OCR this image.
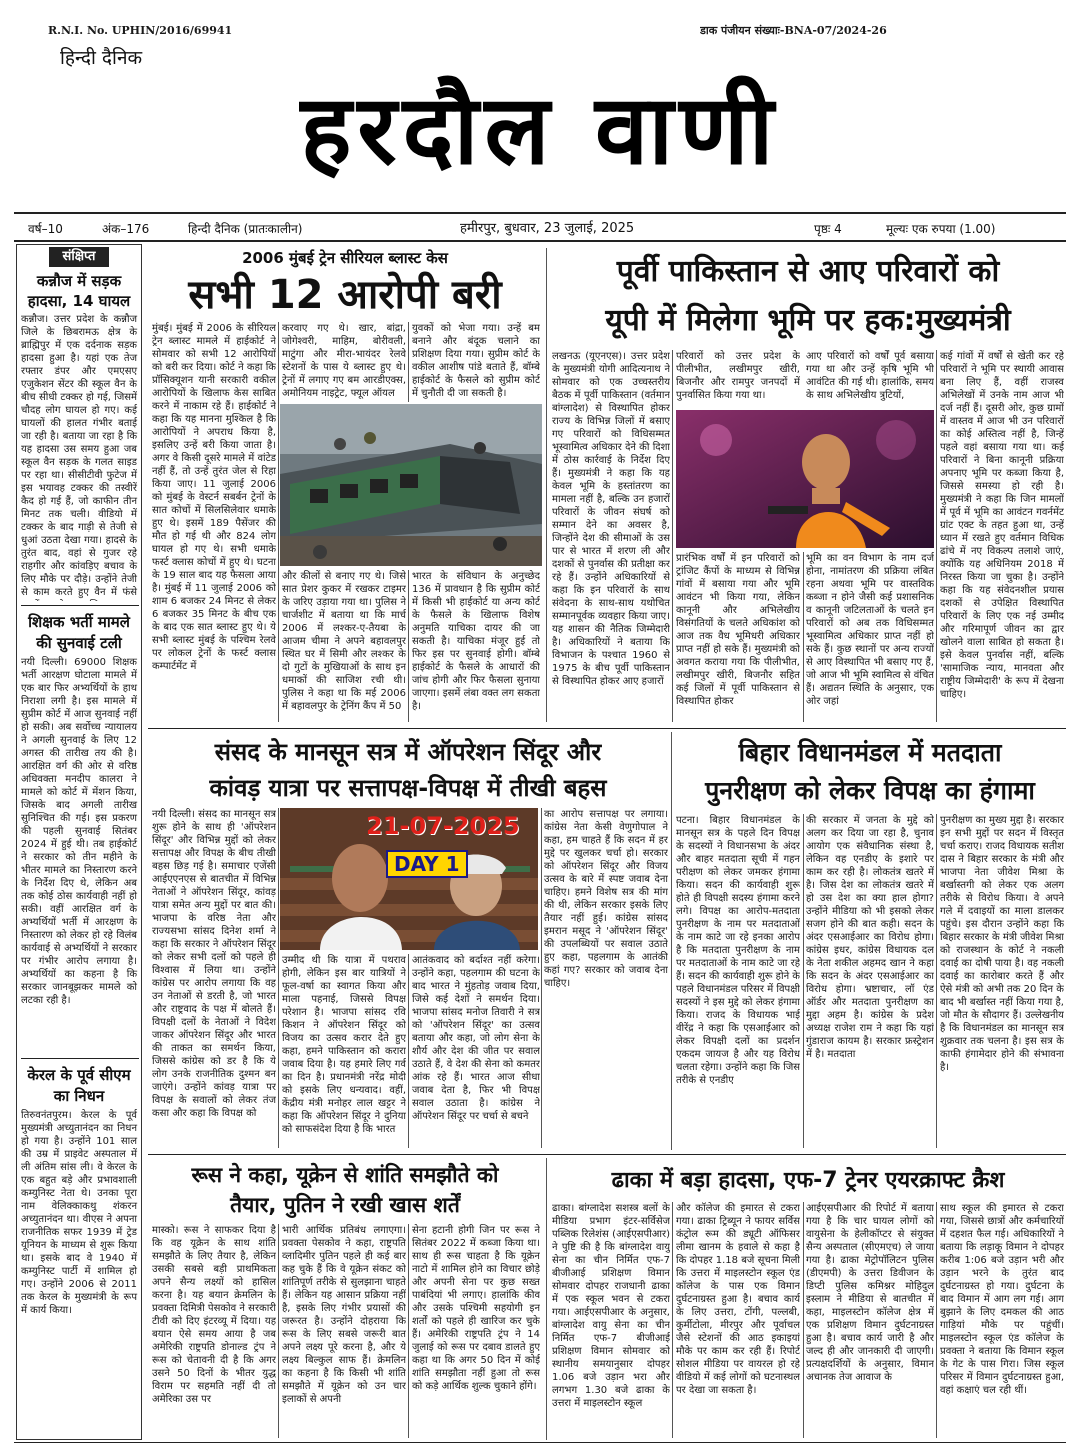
R.N.I. No. UPHIN/2016/69941	डाक पंजीयन संख्याः-BNA-07/2024-26
हिन्दी दैनिक
हरदौल वाणी
वर्ष–10	अंक–176	हिन्दी दैनिक (प्रातःकालीन)	हमीरपुर, बुधवार, 23 जुलाई, 2025	पृष्ठः 4	मूल्यः एक रुपया (1.00)
संक्षिप्त
कन्नौज में सड़क हादसा, 14 घायल
कन्नौज। उत्तर प्रदेश के कन्नौज जिले के छिबरामऊ क्षेत्र के ब्राह्मिपुर में एक दर्दनाक सड़क हादसा हुआ है। यहां एक तेज रफ्तार डंपर और एमएसए एजुकेशन सेंटर की स्कूल वैन के बीच सीधी टक्कर हो गई, जिसमें चौदह लोग घायल हो गए। कई घायलों की हालत गंभीर बताई जा रही है। बताया जा रहा है कि यह हादसा उस समय हुआ जब स्कूल वैन सड़क के गलत साइड पर रहा था। सीसीटीवी फुटेज में इस भयावह टक्कर की तस्वीरें कैद हो गई हैं, जो काफीन तीन मिनट तक चली। वीडियो में टक्कर के बाद गाड़ी से तेजी से धुआं उठता देखा गया। हादसे के तुरंत बाद, वहां से गुजर रहे राहगीर और कांवड़िए बचाव के लिए मौके पर दौड़े। उन्होंने तेजी से काम करते हुए वैन में फंसे
शिक्षक भर्ती मामले की सुनवाई टली
नयी दिल्ली। 69000 शिक्षक भर्ती आरक्षण घोटाला मामले में एक बार फिर अभ्यर्थियों के हाथ निराशा लगी है। इस मामले में सुप्रीम कोर्ट में आज सुनवाई नहीं हो सकी। अब सर्वोच्च न्यायालय ने अगली सुनवाई के लिए 12 अगस्त की तारीख तय की है। आरक्षित वर्ग की ओर से वरिष्ठ अधिवक्ता मनदीप कालरा ने मामले को कोर्ट में मेंशन किया, जिसके बाद अगली तारीख सुनिश्चित की गई। इस प्रकरण की पहली सुनवाई सितंबर 2024 में हुई थी। तब हाईकोर्ट ने सरकार को तीन महीने के भीतर मामले का निस्तारण करने के निर्देश दिए थे, लेकिन अब तक कोई ठोस कार्यवाही नहीं हो सकी। वहीं आरक्षित वर्ग के अभ्यर्थियों भर्ती में आरक्षण के निस्तारण को लेकर हो रहे विलंब कार्यवाई से अभ्यर्थियों ने सरकार पर गंभीर आरोप लगाया है। अभ्यर्थियों का कहना है कि सरकार जानबूझकर मामले को लटका रही है।
केरल के पूर्व सीएम का निधन
तिरुवनंतपुरम। केरल के पूर्व मुख्यमंत्री अच्युतानंदन का निधन हो गया है। उन्होंने 101 साल की उम्र में प्राइवेट अस्पताल में ली अंतिम सांस ली। वे केरल के एक बहुत बड़े और प्रभावशाली कम्युनिस्ट नेता थे। उनका पूरा नाम वेलिक्काकथु शंकरन अच्युतानंदन था। वीएस ने अपना राजनीतिक सफर 1939 में ट्रेड यूनियन के माध्यम से शुरू किया था। इसके बाद वे 1940 में कम्युनिस्ट पार्टी में शामिल हो गए। उन्होंने 2006 से 2011 तक केरल के मुख्यमंत्री के रूप में कार्य किया।
2006 मुंबई ट्रेन सीरियल ब्लास्ट केस
सभी 12 आरोपी बरी
मुंबई। मुंबई में 2006 के सीरियल ट्रेन ब्लास्ट मामले में हाईकोर्ट ने सोमवार को सभी 12 आरोपियों को बरी कर दिया। कोर्ट ने कहा कि प्रॉसिक्यूशन यानी सरकारी वकील आरोपियों के खिलाफ केस साबित करने में नाकाम रहे हैं। हाईकोर्ट ने कहा कि यह मानना मुश्किल है कि आरोपियों ने अपराध किया है, इसलिए उन्हें बरी किया जाता है। अगर वे किसी दूसरे मामले में वांटेड नहीं हैं, तो उन्हें तुरंत जेल से रिहा किया जाए। 11 जुलाई 2006 को मुंबई के वेस्टर्न सबर्बन ट्रेनों के सात कोचों में सिलसिलेवार धमाके हुए थे। इसमें 189 पैसेंजर की मौत हो गई थी और 824 लोग घायल हो गए थे। सभी धमाके फर्स्ट क्लास कोचों में हुए थे। घटना के 19 साल बाद यह फैसला आया है। मुंबई में 11 जुलाई 2006 को शाम 6 बजकर 24 मिनट से लेकर 6 बजकर 35 मिनट के बीच एक के बाद एक सात ब्लास्ट हुए थे। ये सभी ब्लास्ट मुंबई के पश्चिम रेलवे पर लोकल ट्रेनों के फर्स्ट क्लास कम्पार्टमेंट में
करवाए गए थे। खार, बांद्रा, जोगेश्वरी, माहिम, बोरीवली, माटुंगा और मीरा-भायंदर रेलवे स्टेशनों के पास ये ब्लास्ट हुए थे। ट्रेनों में लगाए गए बम आरडीएक्स, अमोनियम नाइट्रेट, फ्यूल ऑयल
युवकों को भेजा गया। उन्हें बम बनाने और बंदूक चलाने का प्रशिक्षण दिया गया। सुप्रीम कोर्ट के वकील आशीष पांडे बताते हैं, बॉम्बे हाईकोर्ट के फैसले को सुप्रीम कोर्ट में चुनौती दी जा सकती है।
और कीलों से बनाए गए थे। जिसे सात प्रेशर कुकर में रखकर टाइमर के जरिए उड़ाया गया था। पुलिस ने चार्जशीट में बताया था कि मार्च 2006 में लश्कर-ए-तैयबा के आजम चीमा ने अपने बहावलपुर स्थित घर में सिमी और लश्कर के दो गुटों के मुखियाओं के साथ इन धमाकों की साजिश रची थी। पुलिस ने कहा था कि मई 2006 में बहावलपुर के ट्रेनिंग कैंप में 50
भारत के संविधान के अनुच्छेद 136 में प्रावधान है कि सुप्रीम कोर्ट में किसी भी हाईकोर्ट या अन्य कोर्ट के फैसले के खिलाफ विशेष अनुमति याचिका दायर की जा सकती है। याचिका मंजूर हुई तो फिर इस पर सुनवाई होगी। बॉम्बे हाईकोर्ट के फैसले के आधारों की जांच होगी और फिर फैसला सुनाया जाएगा। इसमें लंबा वक्त लग सकता है।
पूर्वी पाकिस्तान से आए परिवारों को
यूपी में मिलेगा भूमि पर हक:मुख्यमंत्री
लखनऊ (यूएनएस)। उत्तर प्रदेश के मुख्यमंत्री योगी आदित्यनाथ ने सोमवार को एक उच्चस्तरीय बैठक में पूर्वी पाकिस्तान (वर्तमान बांग्लादेश) से विस्थापित होकर राज्य के विभिन्न जिलों में बसाए गए परिवारों को विधिसम्मत भूस्वामित्व अधिकार देने की दिशा में ठोस कार्रवाई के निर्देश दिए हैं। मुख्यमंत्री ने कहा कि यह केवल भूमि के हस्तांतरण का मामला नहीं है, बल्कि उन हजारों परिवारों के जीवन संघर्ष को सम्मान देने का अवसर है, जिन्होंने देश की सीमाओं के उस पार से भारत में शरण ली और दशकों से पुनर्वास की प्रतीक्षा कर रहे हैं। उन्होंने अधिकारियों से कहा कि इन परिवारों के साथ संवेदना के साथ-साथ यथोचित सम्मानपूर्वक व्यवहार किया जाए। यह शासन की नैतिक जिम्मेदारी है। अधिकारियों ने बताया कि विभाजन के पश्चात 1960 से 1975 के बीच पूर्वी पाकिस्तान से विस्थापित होकर आए हजारों
परिवारों को उत्तर प्रदेश के पीलीभीत, लखीमपुर खीरी, बिजनौर और रामपुर जनपदों में पुनर्वासित किया गया था।
आए परिवारों को वर्षों पूर्व बसाया गया था और उन्हें कृषि भूमि भी आवंटित की गई थी। हालांकि, समय के साथ अभिलेखीय त्रुटियों,
कई गांवों में वर्षों से खेती कर रहे परिवारों ने भूमि पर स्थायी आवास बना लिए हैं, वहीं राजस्व अभिलेखों में उनके नाम आज भी दर्ज नहीं हैं। दूसरी ओर, कुछ ग्रामों में वास्तव में आज भी उन परिवारों का कोई अस्तित्व नहीं है, जिन्हें पहले वहां बसाया गया था। कई परिवारों ने बिना कानूनी प्रक्रिया अपनाए भूमि पर कब्जा किया है, जिससे समस्या हो रही है। मुख्यमंत्री ने कहा कि जिन मामलों में पूर्व में भूमि का आवंटन गवर्नमेंट ग्रांट एक्ट के तहत हुआ था, उन्हें ध्यान में रखते हुए वर्तमान विधिक ढांचे में नए विकल्प तलाशे जाएं, क्योंकि यह अधिनियम 2018 में निरस्त किया जा चुका है। उन्होंने कहा कि यह संवेदनशील प्रयास दशकों से उपेक्षित विस्थापित परिवारों के लिए एक नई उम्मीद और गरिमापूर्ण जीवन का द्वार खोलने वाला साबित हो सकता है। इसे केवल पुनर्वास नहीं, बल्कि 'सामाजिक न्याय, मानवता और राष्ट्रीय जिम्मेदारी' के रूप में देखना चाहिए।
प्रारंभिक वर्षों में इन परिवारों को ट्रांजिट कैंपों के माध्यम से विभिन्न गांवों में बसाया गया और भूमि आवंटन भी किया गया, लेकिन कानूनी और अभिलेखीय विसंगतियों के चलते अधिकांश को आज तक वैध भूमिधरी अधिकार प्राप्त नहीं हो सके हैं। मुख्यमंत्री को अवगत कराया गया कि पीलीभीत, लखीमपुर खीरी, बिजनौर सहित कई जिलों में पूर्वी पाकिस्तान से विस्थापित होकर
भूमि का वन विभाग के नाम दर्ज होना, नामांतरण की प्रक्रिया लंबित रहना अथवा भूमि पर वास्तविक कब्जा न होने जैसी कई प्रशासनिक व कानूनी जटिलताओं के चलते इन परिवारों को अब तक विधिसम्मत भूस्वामित्व अधिकार प्राप्त नहीं हो सके हैं। कुछ स्थानों पर अन्य राज्यों से आए विस्थापित भी बसाए गए हैं, जो आज भी भूमि स्वामित्व से वंचित हैं। अद्यतन स्थिति के अनुसार, एक ओर जहां
संसद के मानसून सत्र में ऑपरेशन सिंदूर और
कांवड़ यात्रा पर सत्तापक्ष-विपक्ष में तीखी बहस
नयी दिल्ली। संसद का मानसून सत्र शुरू होने के साथ ही 'ऑपरेशन सिंदूर' और विभिन्न मुद्दों को लेकर सत्तापक्ष और विपक्ष के बीच तीखी बहस छिड़ गई है। समाचार एजेंसी आईएएनएस से बातचीत में विभिन्न नेताओं ने ऑपरेशन सिंदूर, कांवड़ यात्रा समेत अन्य मुद्दों पर बात की। भाजपा के वरिष्ठ नेता और राज्यसभा सांसद दिनेश शर्मा ने कहा कि सरकार ने ऑपरेशन सिंदूर को लेकर सभी दलों को पहले ही विश्वास में लिया था। उन्होंने कांग्रेस पर आरोप लगाया कि वह उन नेताओं से डरती है, जो भारत और राष्ट्रवाद के पक्ष में बोलते हैं। विपक्षी दलों के नेताओं ने विदेश जाकर ऑपरेशन सिंदूर और भारत की ताकत का समर्थन किया, जिससे कांग्रेस को डर है कि ये लोग उनके राजनीतिक दुश्मन बन जाएंगे। उन्होंने कांवड़ यात्रा पर विपक्ष के सवालों को लेकर तंज कसा और कहा कि विपक्ष को
21-07-2025
DAY 1
उम्मीद थी कि यात्रा में पथराव होगी, लेकिन इस बार यात्रियों ने फूल-वर्षा का स्वागत किया और माला पहनाई, जिससे विपक्ष परेशान है। भाजपा सांसद रवि किशन ने ऑपरेशन सिंदूर को विजय का उत्सव करार देते हुए कहा, हमने पाकिस्तान को करारा जवाब दिया है। यह हमारे लिए गर्व का दिन है। प्रधानमंत्री नरेंद्र मोदी को इसके लिए धन्यवाद। वहीं, केंद्रीय मंत्री मनोहर लाल खट्टर ने कहा कि ऑपरेशन सिंदूर ने दुनिया को साफसंदेश दिया है कि भारत
आतंकवाद को बर्दाश्त नहीं करेगा। उन्होंने कहा, पहलगाम की घटना के बाद भारत ने मुंहतोड़ जवाब दिया, जिसे कई देशों ने समर्थन दिया। भाजपा सांसद मनोज तिवारी ने सत्र को 'ऑपरेशन सिंदूर' का उत्सव बताया और कहा, जो लोग सेना के शौर्य और देश की जीत पर सवाल उठाते हैं, वे देश की सेना को कमतर आंक रहे हैं। भारत आज सीधा जवाब देता है, फिर भी विपक्ष सवाल उठाता है। कांग्रेस ने ऑपरेशन सिंदूर पर चर्चा से बचने
का आरोप सत्तापक्ष पर लगाया। कांग्रेस नेता केसी वेणुगोपाल ने कहा, हम चाहते हैं कि सदन में हर मुद्दे पर खुलकर चर्चा हो। सरकार को ऑपरेशन सिंदूर और विजय उत्सव के बारे में स्पष्ट जवाब देना चाहिए। हमने विशेष सत्र की मांग की थी, लेकिन सरकार इसके लिए तैयार नहीं हुई। कांग्रेस सांसद इमरान मसूद ने 'ऑपरेशन सिंदूर' की उपलब्धियों पर सवाल उठाते हुए कहा, पहलगाम के आतंकी कहां गए? सरकार को जवाब देना चाहिए।
बिहार विधानमंडल में मतदाता
पुनरीक्षण को लेकर विपक्ष का हंगामा
पटना। बिहार विधानमंडल के मानसून सत्र के पहले दिन विपक्ष के सदस्यों ने विधानसभा के अंदर और बाहर मतदाता सूची में गहन परीक्षण को लेकर जमकर हंगामा किया। सदन की कार्यवाही शुरू होते ही विपक्षी सदस्य हंगामा करने लगे। विपक्ष का आरोप-मतदाता पुनरीक्षण के नाम पर मतदाताओं के नाम काटे जा रहे इनका आरोप है कि मतदाता पुनरीक्षण के नाम पर मतदाताओं के नाम काटे जा रहे हैं। सदन की कार्यवाही शुरू होने के पहले विधानमंडल परिसर में विपक्षी सदस्यों ने इस मुद्दे को लेकर हंगामा किया। राजद के विधायक भाई वीरेंद्र ने कहा कि एसआईआर को लेकर विपक्षी दलों का प्रदर्शन एकदम जायज है और यह विरोध चलता रहेगा। उन्होंने कहा कि जिस तरीके से एनडीए
की सरकार में जनता के मुद्दे को अलग कर दिया जा रहा है, चुनाव आयोग एक संवैधानिक संस्था है, लेकिन वह एनडीए के इशारे पर काम कर रही है। लोकतंत्र खतरे में है। जिस देश का लोकतंत्र खतरे में हो उस देश का क्या हाल होगा? उन्होंने मीडिया को भी इसको लेकर सजग होने की बात कही। सदन के अंदर एसआईआर का विरोध होगा। कांग्रेस इधर, कांग्रेस विधायक दल के नेता शकील अहमद खान ने कहा कि सदन के अंदर एसआईआर का विरोध होगा। भ्रष्टाचार, लॉ एंड ऑर्डर और मतदाता पुनरीक्षण का मुद्दा अहम है। कांग्रेस के प्रदेश अध्यक्ष राजेश राम ने कहा कि यहां गुंडाराज कायम है। सरकार फ्रस्ट्रेशन में है। मतदाता
पुनरीक्षण का मुख्य मुद्दा है। सरकार इन सभी मुद्दों पर सदन में विस्तृत चर्चा कराए। राजद विधायक सतीश दास ने बिहार सरकार के मंत्री और भाजपा नेता जीवेश मिश्रा के बर्खास्तगी को लेकर एक अलग तरीके से विरोध किया। वे अपने गले में दवाइयों का माला डालकर पहुंचे। इस दौरान उन्होंने कहा कि बिहार सरकार के मंत्री जीवेश मिश्रा को राजस्थान के कोर्ट ने नकली दवाई का दोषी पाया है। वह नकली दवाई का कारोबार करते हैं और ऐसे मंत्री को अभी तक 20 दिन के बाद भी बर्खास्त नहीं किया गया है, जो मौत के सौदागर हैं। उल्लेखनीय है कि विधानमंडल का मानसून सत्र शुक्रवार तक चलना है। इस सत्र के काफी हंगामेदार होने की संभावना है।
रूस ने कहा, यूक्रेन से शांति समझौते को
तैयार, पुतिन ने रखी खास शर्तें
मास्को। रूस ने साफकर दिया है कि वह यूक्रेन के साथ शांति समझौते के लिए तैयार है, लेकिन उसकी सबसे बड़ी प्राथमिकता अपने सैन्य लक्ष्यों को हासिल करना है। यह बयान क्रेमलिन के प्रवक्ता दिमित्री पेसकोव ने सरकारी टीवी को दिए इंटरव्यू में दिया। यह बयान ऐसे समय आया है जब अमेरिकी राष्ट्रपति डोनाल्ड ट्रंप ने रूस को चेतावनी दी है कि अगर उसने 50 दिनों के भीतर युद्ध विराम पर सहमति नहीं दी तो अमेरिका उस पर
भारी आर्थिक प्रतिबंध लगाएगा। प्रवक्ता पेसकोव ने कहा, राष्ट्रपति व्लादिमीर पुतिन पहले ही कई बार कह चुके हैं कि वे यूक्रेन संकट को शांतिपूर्ण तरीके से सुलझाना चाहते हैं। लेकिन यह आसान प्रक्रिया नहीं है, इसके लिए गंभीर प्रयासों की जरूरत है। उन्होंने दोहराया कि रूस के लिए सबसे जरूरी बात अपने लक्ष्य पूरे करना है, और ये लक्ष्य बिल्कुल साफ हैं। क्रेमलिन का कहना है कि किसी भी शांति समझौते में यूक्रेन को उन चार इलाकों से अपनी
सेना हटानी होगी जिन पर रूस ने सितंबर 2022 में कब्जा किया था। साथ ही रूस चाहता है कि यूक्रेन नाटो में शामिल होने का विचार छोड़े और अपनी सेना पर कुछ सख्त पाबंदियां भी लगाए। हालांकि कीव और उसके पश्चिमी सहयोगी इन शर्तों को पहले ही खारिज कर चुके हैं। अमेरिकी राष्ट्रपति ट्रंप ने 14 जुलाई को रूस पर दबाव डालते हुए कहा था कि अगर 50 दिन में कोई शांति समझौता नहीं हुआ तो रूस को कड़े आर्थिक शुल्क चुकाने होंगे।
ढाका में बड़ा हादसा, एफ-7 ट्रेनर एयरक्राफ्ट क्रैश
ढाका। बांग्लादेश सशस्त्र बलों के मीडिया प्रभाग इंटर-सर्विसेज पब्लिक रिलेशंस (आईएसपीआर) ने पुष्टि की है कि बांग्लादेश वायु सेना का चीन निर्मित एफ-7 बीजीआई प्रशिक्षण विमान सोमवार दोपहर राजधानी ढाका में एक स्कूल भवन से टकरा गया। आईएसपीआर के अनुसार, बांग्लादेश वायु सेना का चीन निर्मित एफ-7 बीजीआई प्रशिक्षण विमान सोमवार को स्थानीय समयानुसार दोपहर 1.06 बजे उड़ान भरा और लगभग 1.30 बजे ढाका के उत्तरा में माइलस्टोन स्कूल
और कॉलेज की इमारत से टकरा गया। ढाका ट्रिब्यून ने फायर सर्विस कंट्रोल रूम की ड्यूटी ऑफिसर लीमा खानम के हवाले से कहा है कि दोपहर 1.18 बजे सूचना मिली कि उत्तरा में माइलस्टोन स्कूल एंड कॉलेज के पास एक विमान दुर्घटनाग्रस्त हुआ है। बचाव कार्य के लिए उत्तरा, टोंगी, पल्लबी, कुर्मीटोला, मीरपुर और पूर्वाचल जैसे स्टेशनों की आठ इकाइयां मौके पर काम कर रही हैं। रिपोर्ट सोशल मीडिया पर वायरल हो रहे वीडियो में कई लोगों को घटनास्थल पर देखा जा सकता है।
आईएसपीआर की रिपोर्ट में बताया गया है कि चार घायल लोगों को वायुसेना के हेलीकॉप्टर से संयुक्त सैन्य अस्पताल (सीएमएच) ले जाया गया है। ढाका मेट्रोपॉलिटन पुलिस (डीएमपी) के उत्तरा डिवीजन के डिप्टी पुलिस कमिश्नर मोहिदुल इस्लाम ने मीडिया से बातचीत में कहा, माइलस्टोन कॉलेज क्षेत्र में एक प्रशिक्षण विमान दुर्घटनाग्रस्त हुआ है। बचाव कार्य जारी है और जल्द ही और जानकारी दी जाएगी। प्रत्यक्षदर्शियों के अनुसार, विमान अचानक तेज आवाज के
साथ स्कूल की इमारत से टकरा गया, जिससे छात्रों और कर्मचारियों में दहशत फैल गई। अधिकारियों ने बताया कि लड़ाकू विमान ने दोपहर करीब 1:06 बजे उड़ान भरी और उड़ान भरने के तुरंत बाद दुर्घटनाग्रस्त हो गया। दुर्घटना के बाद विमान में आग लग गई। आग बुझाने के लिए दमकल की आठ गाड़ियां मौके पर पहुंचीं। माइलस्टोन स्कूल एंड कॉलेज के प्रवक्ता ने बताया कि विमान स्कूल के गेट के पास गिरा। जिस स्कूल परिसर में विमान दुर्घटनाग्रस्त हुआ, वहां कक्षाएं चल रही थीं।
